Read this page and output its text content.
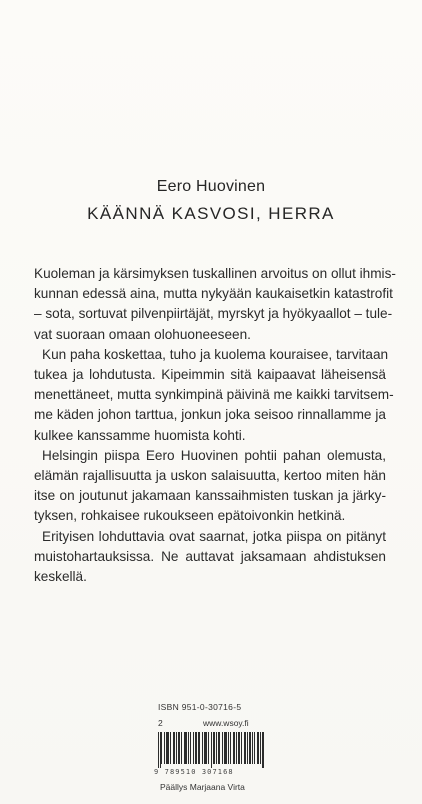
Eero Huovinen
KÄÄNNÄ KASVOSI, HERRA

Kuoleman ja kärsimyksen tuskallinen arvoitus on ollut ihmis-
kunnan edessä aina, mutta nykyään kaukaisetkin katastrofit
– sota, sortuvat pilvenpiirtäjät, myrskyt ja hyökyaallot – tule-
vat suoraan omaan olohuoneeseen.

Kun paha koskettaa, tuho ja kuolema kouraisee, tarvitaan
tukea ja lohdutusta. Kipeimmin sitä kaipaavat läheisensä
menettäneet, mutta synkimpinä päivinä me kaikki tarvitsem-
me käden johon tarttua, jonkun joka seisoo rinnallamme ja
kulkee kanssamme huomista kohti.

Helsingin piispa Eero Huovinen pohtii pahan olemusta,
elämän rajallisuutta ja uskon salaisuutta, kertoo miten hän
itse on joutunut jakamaan kanssaihmisten tuskan ja järky-
tyksen, rohkaisee rukoukseen epätoivonkin hetkinä.

Erityisen lohduttavia ovat saarnat, jotka piispa on pitänyt
muistohartauksissa. Ne auttavat jaksamaan ahdistuksen
keskellä.

ISBN 951-0-30716-5
2	www.wsoy.fi
9 789510 307168
Päällys Marjaana Virta
